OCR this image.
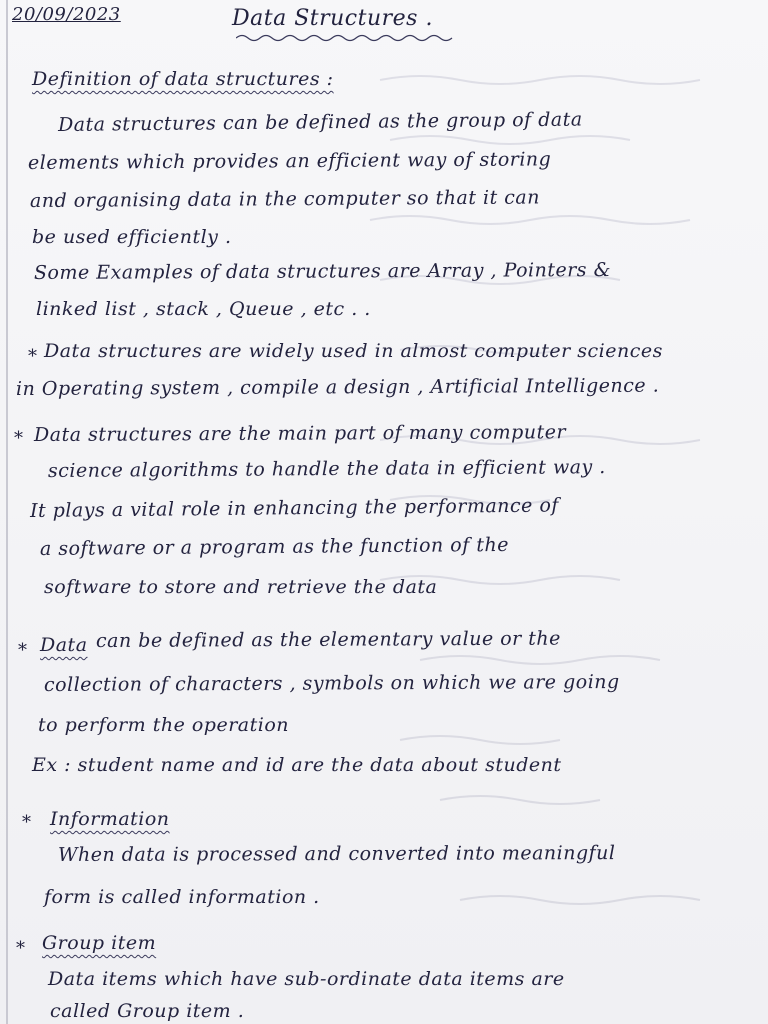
20/09/2023	Data Structures .
Definition of data structures :
Data structures can be defined as the group of data
elements which provides an efficient way of storing
and organising data in the computer so that it can
be used efficiently .
Some Examples of data structures are Array , Pointers &
linked list , stack , Queue , etc . .
* Data structures are widely used in almost computer sciences
in Operating system , compile a design , Artificial Intelligence .
* Data structures are the main part of many computer
science algorithms to handle the data in efficient way .
It plays a vital role in enhancing the performance of
a software or a program as the function of the
software to store and retrieve the data
* Data can be defined as the elementary value or the
collection of characters , symbols on which we are going
to perform the operation
Ex : student name and id are the data about student
* Information
When data is processed and converted into meaningful
form is called information .
* Group item
Data items which have sub-ordinate data items are
called Group item .
